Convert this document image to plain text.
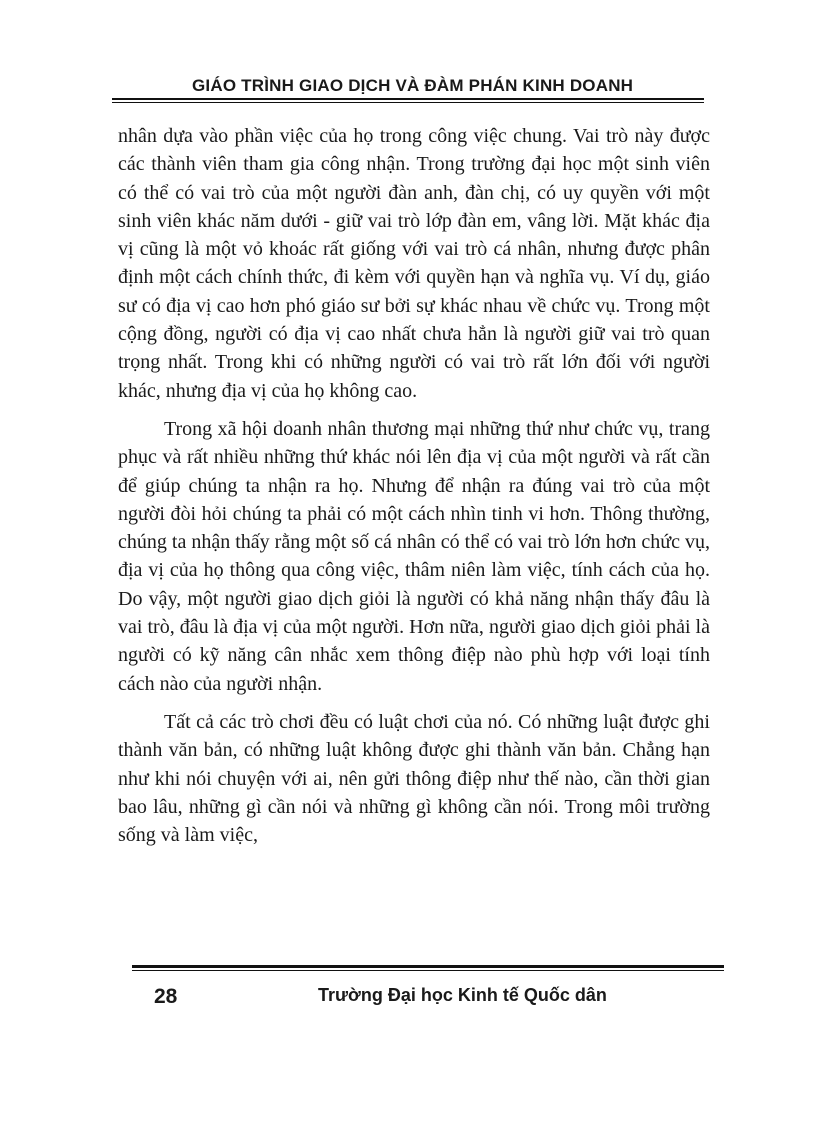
GIÁO TRÌNH GIAO DỊCH VÀ ĐÀM PHÁN KINH DOANH

nhân dựa vào phần việc của họ trong công việc chung. Vai trò này được các thành viên tham gia công nhận. Trong trường đại học một sinh viên có thể có vai trò của một người đàn anh, đàn chị, có uy quyền với một sinh viên khác năm dưới - giữ vai trò lớp đàn em, vâng lời. Mặt khác địa vị cũng là một vỏ khoác rất giống với vai trò cá nhân, nhưng được phân định một cách chính thức, đi kèm với quyền hạn và nghĩa vụ. Ví dụ, giáo sư có địa vị cao hơn phó giáo sư bởi sự khác nhau về chức vụ. Trong một cộng đồng, người có địa vị cao nhất chưa hẳn là người giữ vai trò quan trọng nhất. Trong khi có những người có vai trò rất lớn đối với người khác, nhưng địa vị của họ không cao.

Trong xã hội doanh nhân thương mại những thứ như chức vụ, trang phục và rất nhiều những thứ khác nói lên địa vị của một người và rất cần để giúp chúng ta nhận ra họ. Nhưng để nhận ra đúng vai trò của một người đòi hỏi chúng ta phải có một cách nhìn tinh vi hơn. Thông thường, chúng ta nhận thấy rằng một số cá nhân có thể có vai trò lớn hơn chức vụ, địa vị của họ thông qua công việc, thâm niên làm việc, tính cách của họ. Do vậy, một người giao dịch giỏi là người có khả năng nhận thấy đâu là vai trò, đâu là địa vị của một người. Hơn nữa, người giao dịch giỏi phải là người có kỹ năng cân nhắc xem thông điệp nào phù hợp với loại tính cách nào của người nhận.

Tất cả các trò chơi đều có luật chơi của nó. Có những luật được ghi thành văn bản, có những luật không được ghi thành văn bản. Chẳng hạn như khi nói chuyện với ai, nên gửi thông điệp như thế nào, cần thời gian bao lâu, những gì cần nói và những gì không cần nói. Trong môi trường sống và làm việc,

28	Trường Đại học Kinh tế Quốc dân
